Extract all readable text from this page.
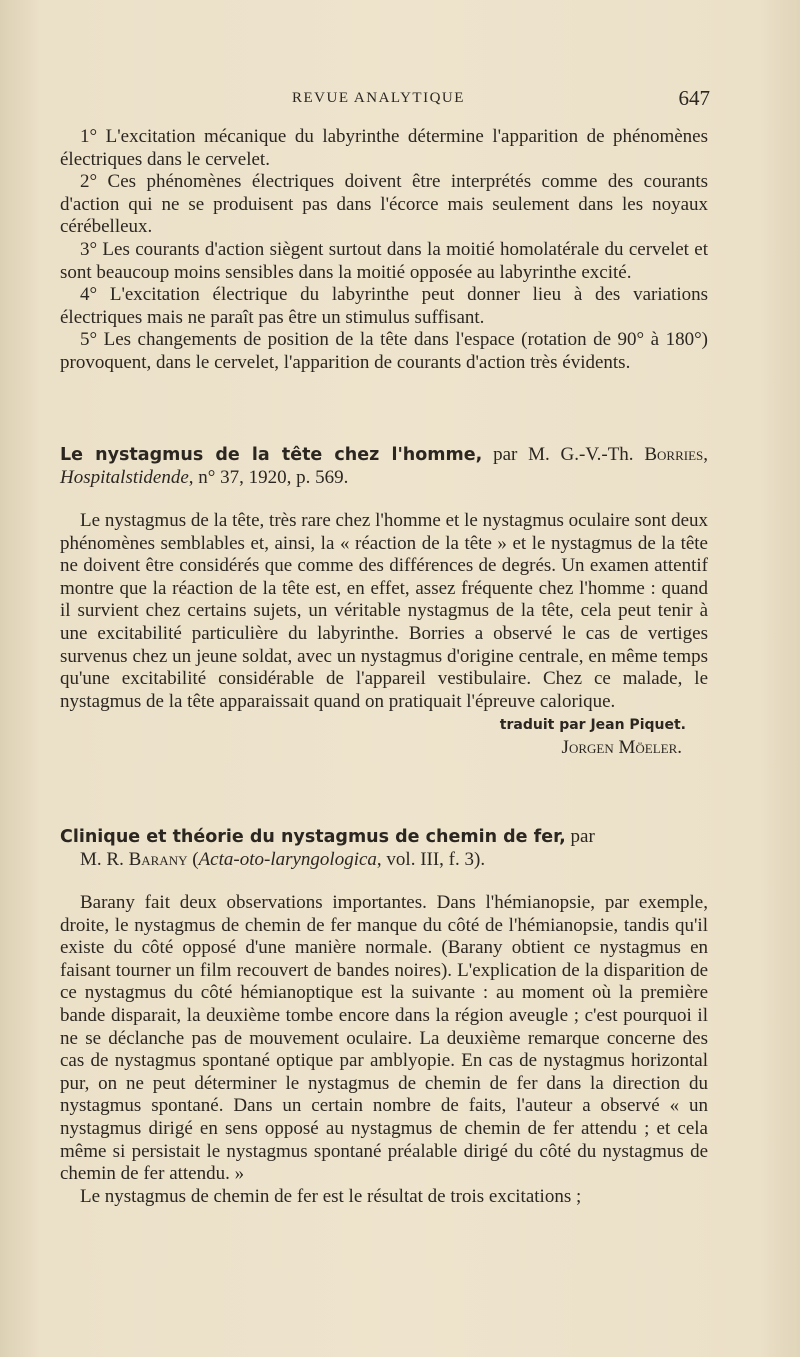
REVUE ANALYTIQUE	647

1° L'excitation mécanique du labyrinthe détermine l'apparition de phénomènes électriques dans le cervelet.

2° Ces phénomènes électriques doivent être interprétés comme des courants d'action qui ne se produisent pas dans l'écorce mais seulement dans les noyaux cérébelleux.

3° Les courants d'action siègent surtout dans la moitié homolatérale du cervelet et sont beaucoup moins sensibles dans la moitié opposée au labyrinthe excité.

4° L'excitation électrique du labyrinthe peut donner lieu à des variations électriques mais ne paraît pas être un stimulus suffisant.

5° Les changements de position de la tête dans l'espace (rotation de 90° à 180°) provoquent, dans le cervelet, l'apparition de courants d'action très évidents.

Le nystagmus de la tête chez l'homme, par M. G.-V.-Th. Borries, Hospitalstidende, n° 37, 1920, p. 569.

Le nystagmus de la tête, très rare chez l'homme et le nystagmus oculaire sont deux phénomènes semblables et, ainsi, la « réaction de la tête » et le nystagmus de la tête ne doivent être considérés que comme des différences de degrés. Un examen attentif montre que la réaction de la tête est, en effet, assez fréquente chez l'homme : quand il survient chez certains sujets, un véritable nystagmus de la tête, cela peut tenir à une excitabilité particulière du labyrinthe. Borries a observé le cas de vertiges survenus chez un jeune soldat, avec un nystagmus d'origine centrale, en même temps qu'une excitabilité considérable de l'appareil vestibulaire. Chez ce malade, le nystagmus de la tête apparaissait quand on pratiquait l'épreuve calorique.

traduit par Jean Piquet.

Jorgen Möeler.

Clinique et théorie du nystagmus de chemin de fer, par
M. R. Barany (Acta-oto-laryngologica, vol. III, f. 3).

Barany fait deux observations importantes. Dans l'hémianopsie, par exemple, droite, le nystagmus de chemin de fer manque du côté de l'hémianopsie, tandis qu'il existe du côté opposé d'une manière normale. (Barany obtient ce nystagmus en faisant tourner un film recouvert de bandes noires). L'explication de la disparition de ce nystagmus du côté hémianoptique est la suivante : au moment où la première bande disparait, la deuxième tombe encore dans la région aveugle ; c'est pourquoi il ne se déclanche pas de mouvement oculaire. La deuxième remarque concerne des cas de nystagmus spontané optique par amblyopie. En cas de nystagmus horizontal pur, on ne peut déterminer le nystagmus de chemin de fer dans la direction du nystagmus spontané. Dans un certain nombre de faits, l'auteur a observé « un nystagmus dirigé en sens opposé au nystagmus de chemin de fer attendu ; et cela même si persistait le nystagmus spontané préalable dirigé du côté du nystagmus de chemin de fer attendu. »

Le nystagmus de chemin de fer est le résultat de trois excitations ;
